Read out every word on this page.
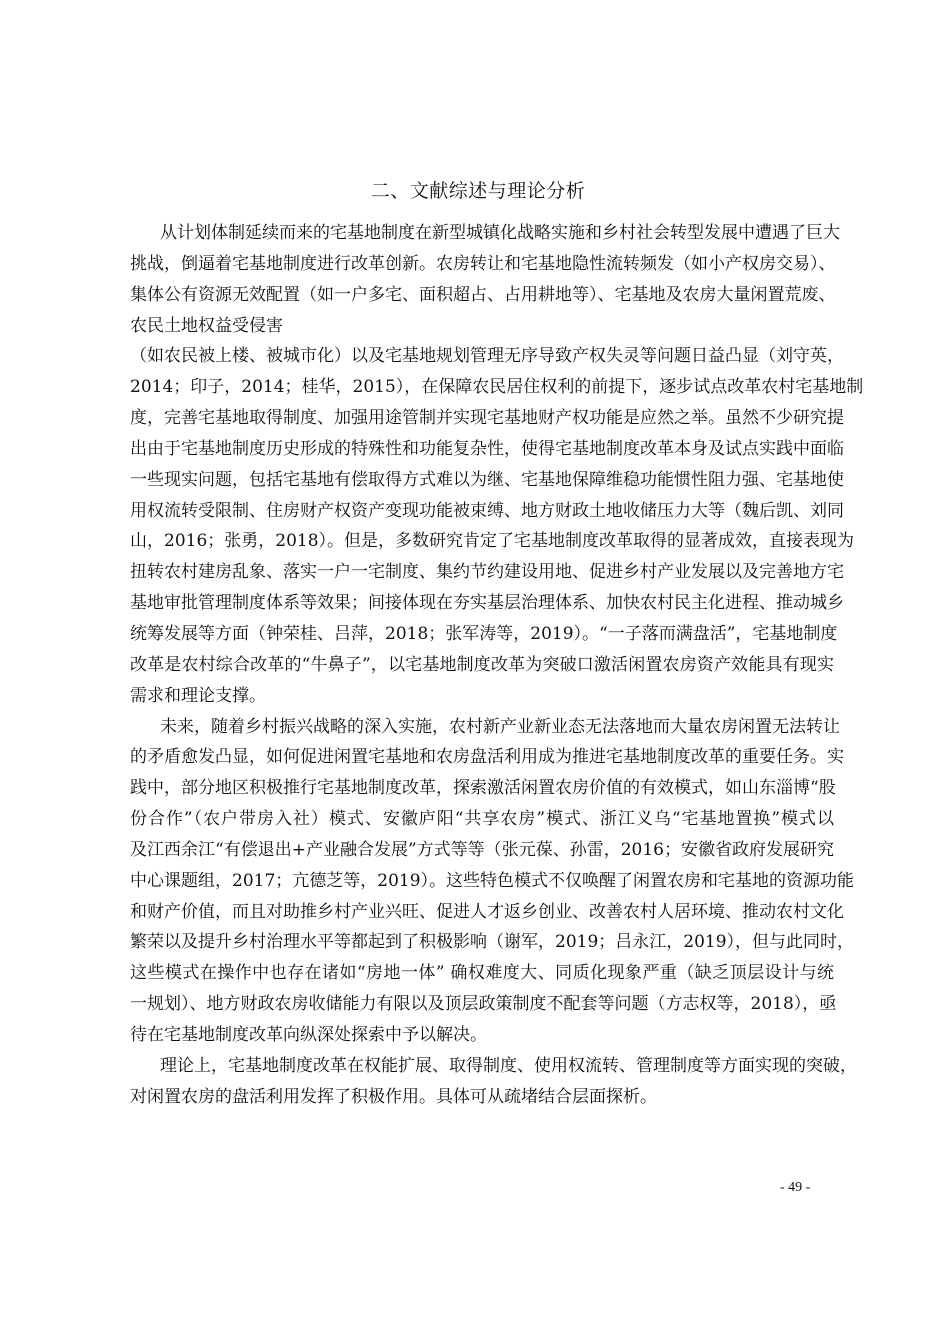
二、文献综述与理论分析
从计划体制延续而来的宅基地制度在新型城镇化战略实施和乡村社会转型发展中遭遇了巨大
挑战，倒逼着宅基地制度进行改革创新。农房转让和宅基地隐性流转频发（如小产权房交易）、
集体公有资源无效配置（如一户多宅、面积超占、占用耕地等）、宅基地及农房大量闲置荒废、
农民土地权益受侵害
（如农民被上楼、被城市化）以及宅基地规划管理无序导致产权失灵等问题日益凸显（刘守英，
2014；印子，2014；桂华，2015），在保障农民居住权利的前提下，逐步试点改革农村宅基地制
度，完善宅基地取得制度、加强用途管制并实现宅基地财产权功能是应然之举。虽然不少研究提
出由于宅基地制度历史形成的特殊性和功能复杂性，使得宅基地制度改革本身及试点实践中面临
一些现实问题，包括宅基地有偿取得方式难以为继、宅基地保障维稳功能惯性阻力强、宅基地使
用权流转受限制、住房财产权资产变现功能被束缚、地方财政土地收储压力大等（魏后凯、刘同
山，2016；张勇，2018）。但是，多数研究肯定了宅基地制度改革取得的显著成效，直接表现为
扭转农村建房乱象、落实一户一宅制度、集约节约建设用地、促进乡村产业发展以及完善地方宅
基地审批管理制度体系等效果；间接体现在夯实基层治理体系、加快农村民主化进程、推动城乡
统筹发展等方面（钟荣桂、吕萍，2018；张军涛等，2019）。“一子落而满盘活”，宅基地制度
改革是农村综合改革的“牛鼻子”，以宅基地制度改革为突破口激活闲置农房资产效能具有现实
需求和理论支撑。
未来，随着乡村振兴战略的深入实施，农村新产业新业态无法落地而大量农房闲置无法转让
的矛盾愈发凸显，如何促进闲置宅基地和农房盘活利用成为推进宅基地制度改革的重要任务。实
践中，部分地区积极推行宅基地制度改革，探索激活闲置农房价值的有效模式，如山东淄博“股
份合作”（农户带房入社）模式、安徽庐阳“共享农房”模式、浙江义乌“宅基地置换”模式以
及江西余江“有偿退出+产业融合发展”方式等等（张元葆、孙雷，2016；安徽省政府发展研究
中心课题组，2017；亢德芝等，2019）。这些特色模式不仅唤醒了闲置农房和宅基地的资源功能
和财产价值，而且对助推乡村产业兴旺、促进人才返乡创业、改善农村人居环境、推动农村文化
繁荣以及提升乡村治理水平等都起到了积极影响（谢军，2019；吕永江，2019），但与此同时，
这些模式在操作中也存在诸如“房地一体” 确权难度大、同质化现象严重（缺乏顶层设计与统
一规划）、地方财政农房收储能力有限以及顶层政策制度不配套等问题（方志权等，2018），亟
待在宅基地制度改革向纵深处探索中予以解决。
理论上，宅基地制度改革在权能扩展、取得制度、使用权流转、管理制度等方面实现的突破，
对闲置农房的盘活利用发挥了积极作用。具体可从疏堵结合层面探析。
- 49 -
